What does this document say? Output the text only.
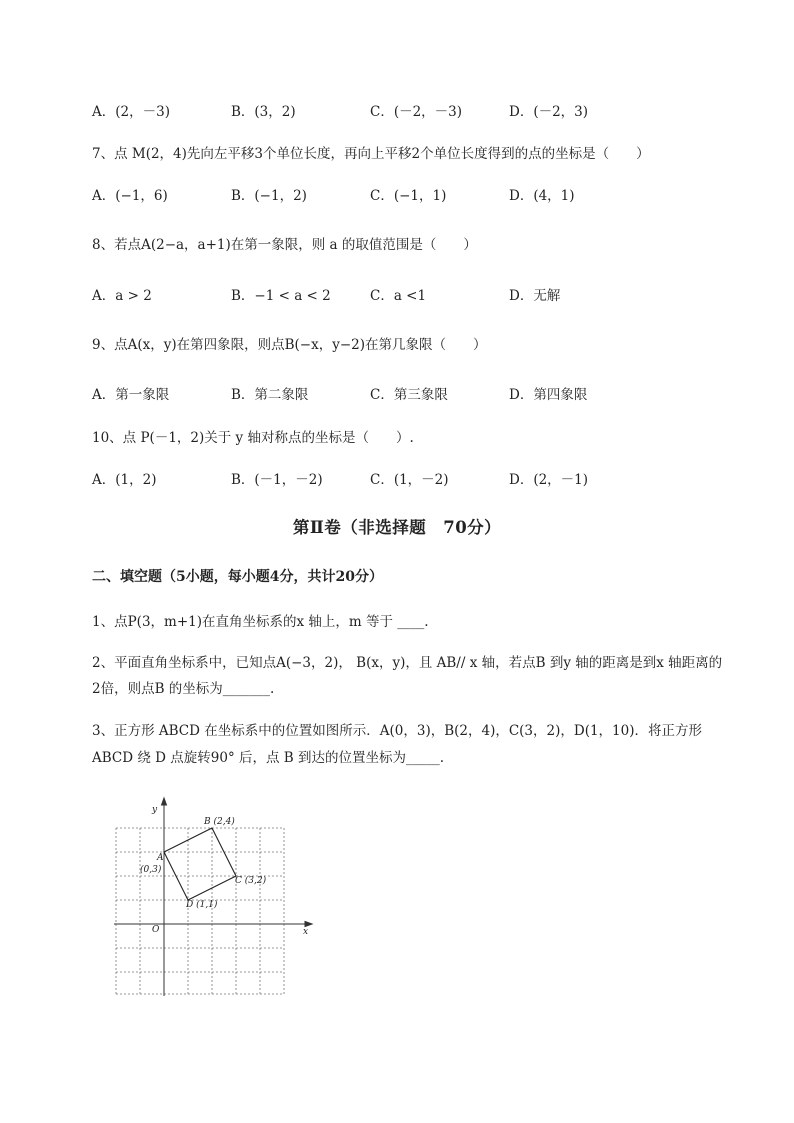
A．(2，－3)	B．(3，2)	C．(－2，－3)	D．(－2，3)
7、点 M(2，4)先向左平移3个单位长度，再向上平移2个单位长度得到的点的坐标是（　　）
A．(−1，6)	B．(−1，2)	C．(−1，1)	D．(4，1)
8、若点A(2−a，a+1)在第一象限，则 a 的取值范围是（　　）
A．a > 2	B．−1 < a < 2	C．a <1	D．无解
9、点A(x，y)在第四象限，则点B(−x，y−2)在第几象限（　　）
A．第一象限	B．第二象限	C．第三象限	D．第四象限
10、点 P(－1，2)关于 y 轴对称点的坐标是（　　）.
A．(1，2)	B．(－1，－2)	C．(1，－2)	D．(2，－1)
第Ⅱ卷（非选择题　70分）
二、填空题（5小题，每小题4分，共计20分）
1、点P(3，m+1)在直角坐标系的x 轴上，m 等于 ____.
2、平面直角坐标系中，已知点A(−3，2)， B(x，y)，且 AB// x 轴，若点B 到y 轴的距离是到x 轴距离的
2倍，则点B 的坐标为_______.
3、正方形 ABCD 在坐标系中的位置如图所示．A(0，3)，B(2，4)，C(3，2)，D(1，10)．将正方形
ABCD 绕 D 点旋转90° 后，点 B 到达的位置坐标为_____.
y
x
O
A
(0,3)
B (2,4)
C (3,2)
D (1,1)
